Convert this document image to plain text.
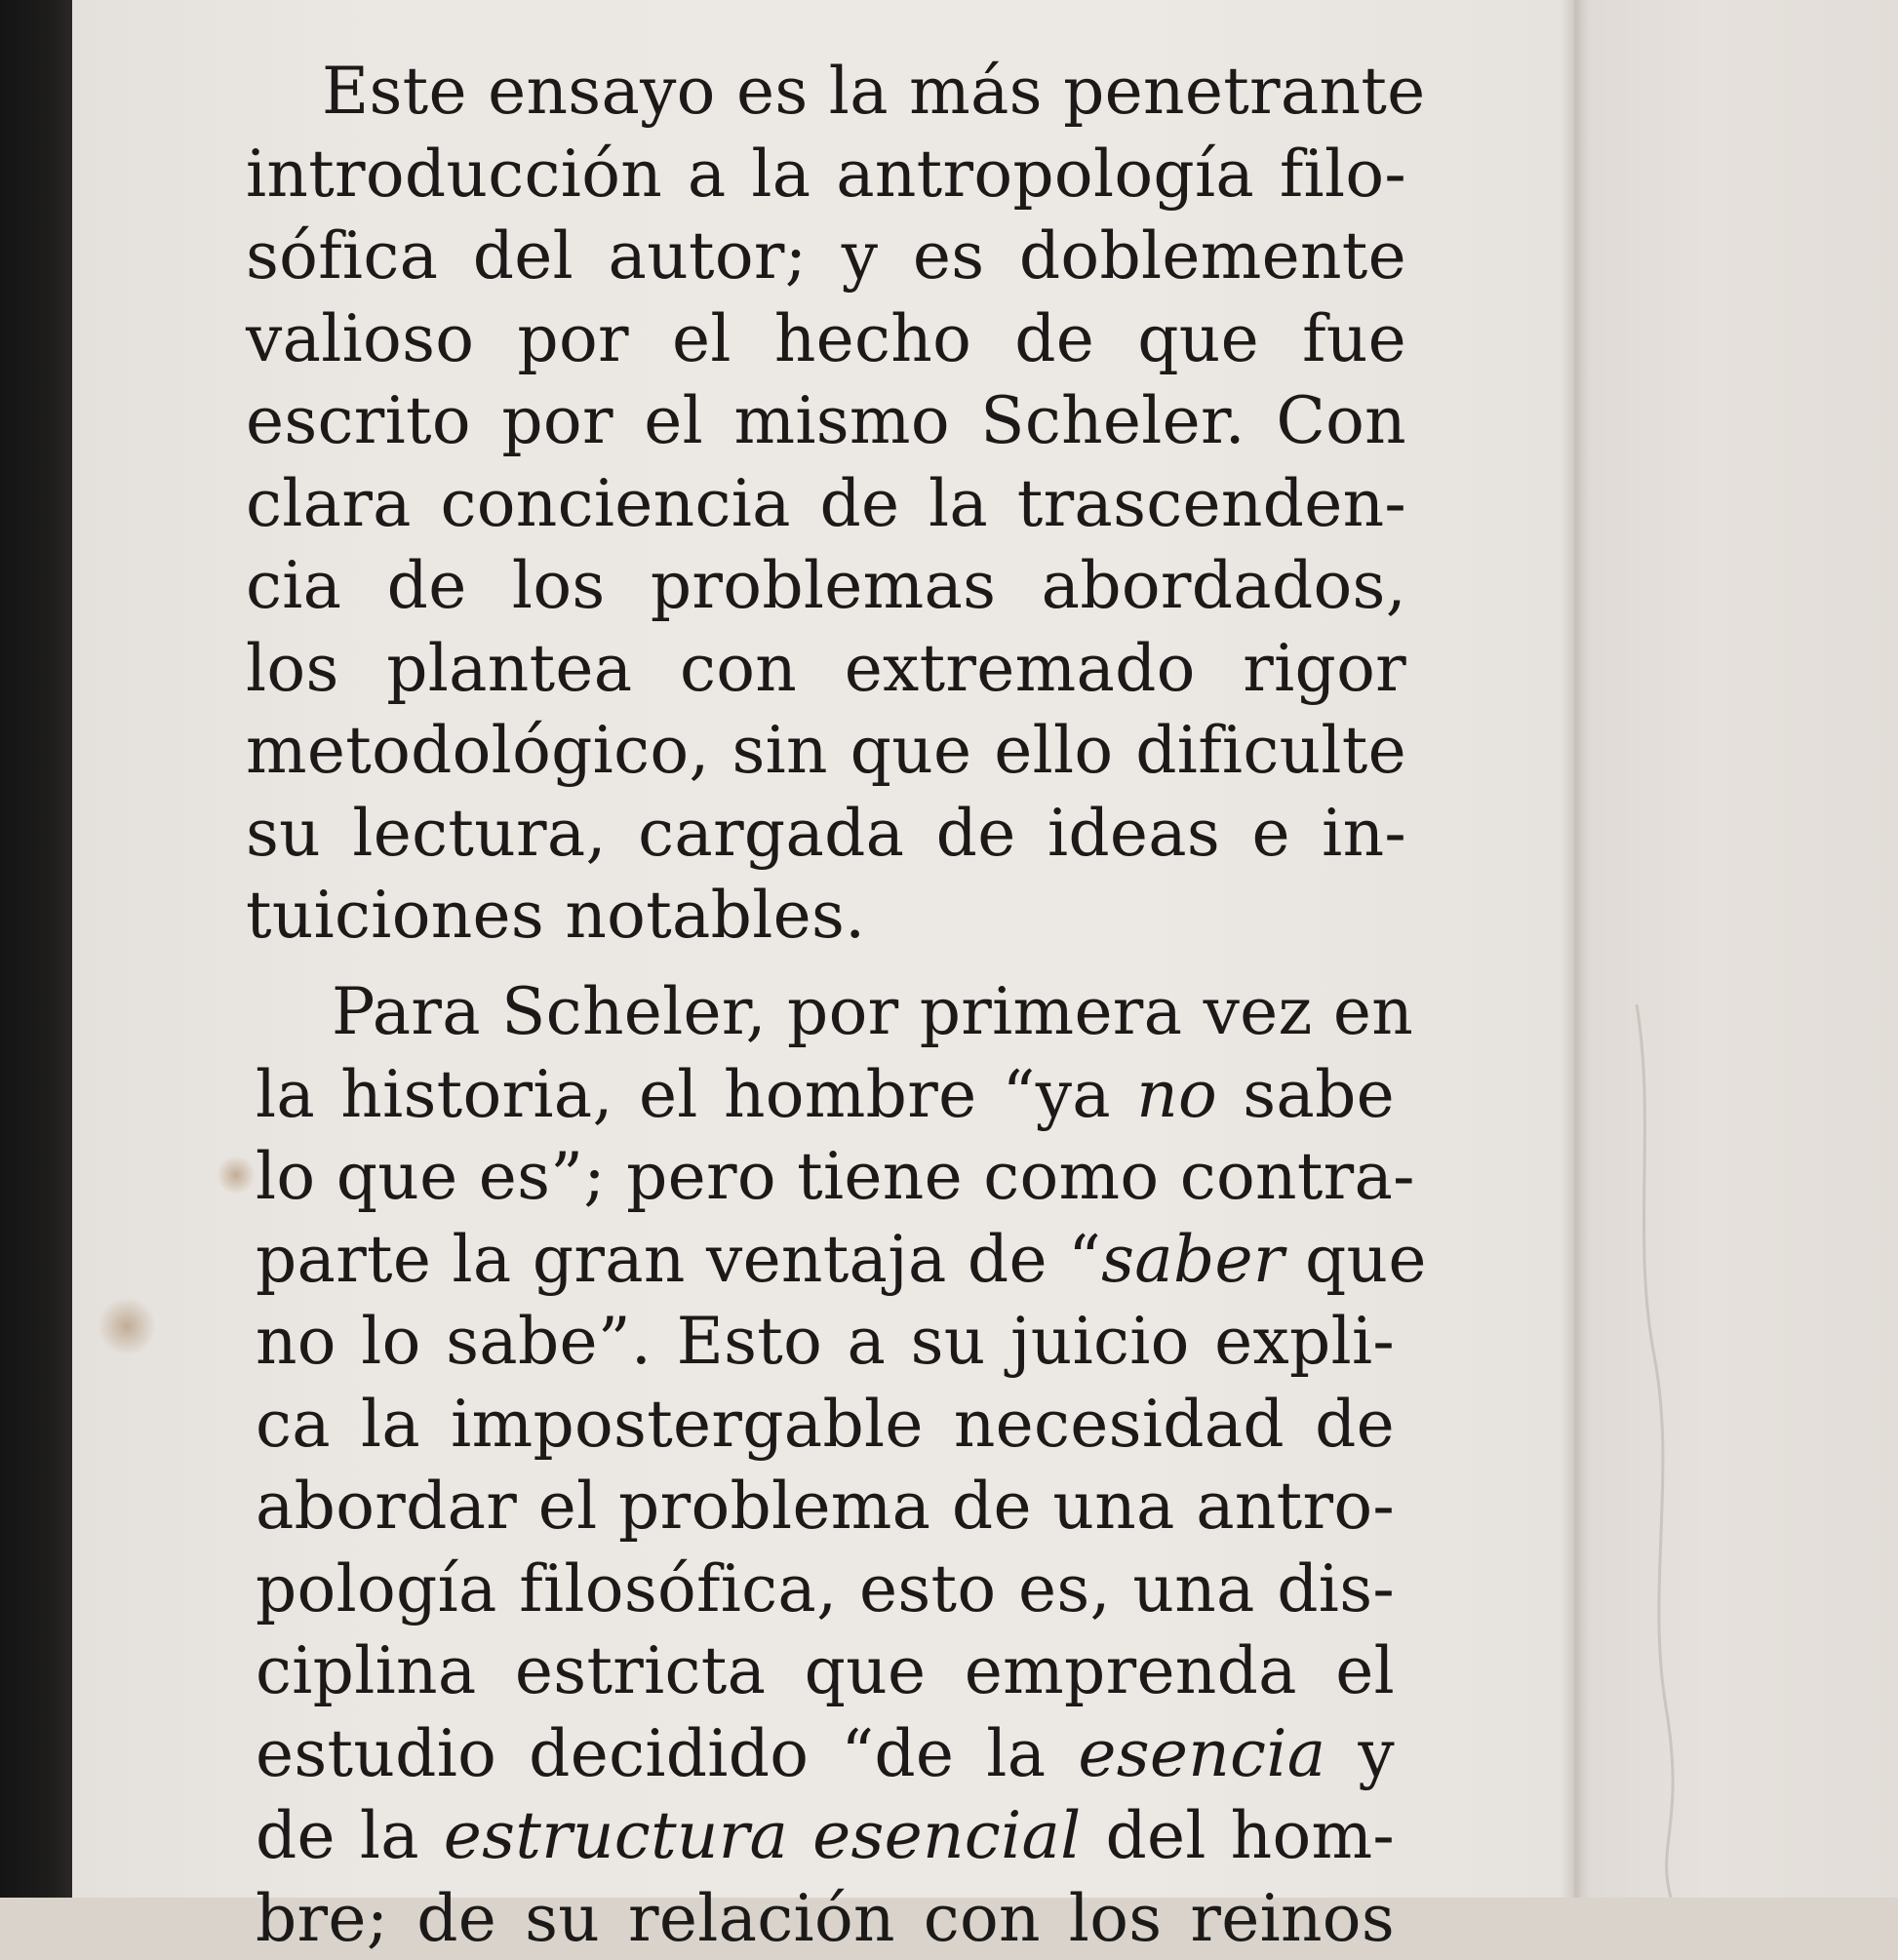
Este ensayo es la más penetrante
introducción a la antropología filo-
sófica del autor; y es doblemente
valioso por el hecho de que fue
escrito por el mismo Scheler. Con
clara conciencia de la trascenden-
cia de los problemas abordados,
los plantea con extremado rigor
metodológico, sin que ello dificulte
su lectura, cargada de ideas e in-
tuiciones notables.
Para Scheler, por primera vez en
la historia, el hombre “ya no sabe
lo que es”; pero tiene como contra-
parte la gran ventaja de “saber que
no lo sabe”. Esto a su juicio expli-
ca la impostergable necesidad de
abordar el problema de una antro-
pología filosófica, esto es, una dis-
ciplina estricta que emprenda el
estudio decidido “de la esencia y
de la estructura esencial del hom-
bre; de su relación con los reinos
